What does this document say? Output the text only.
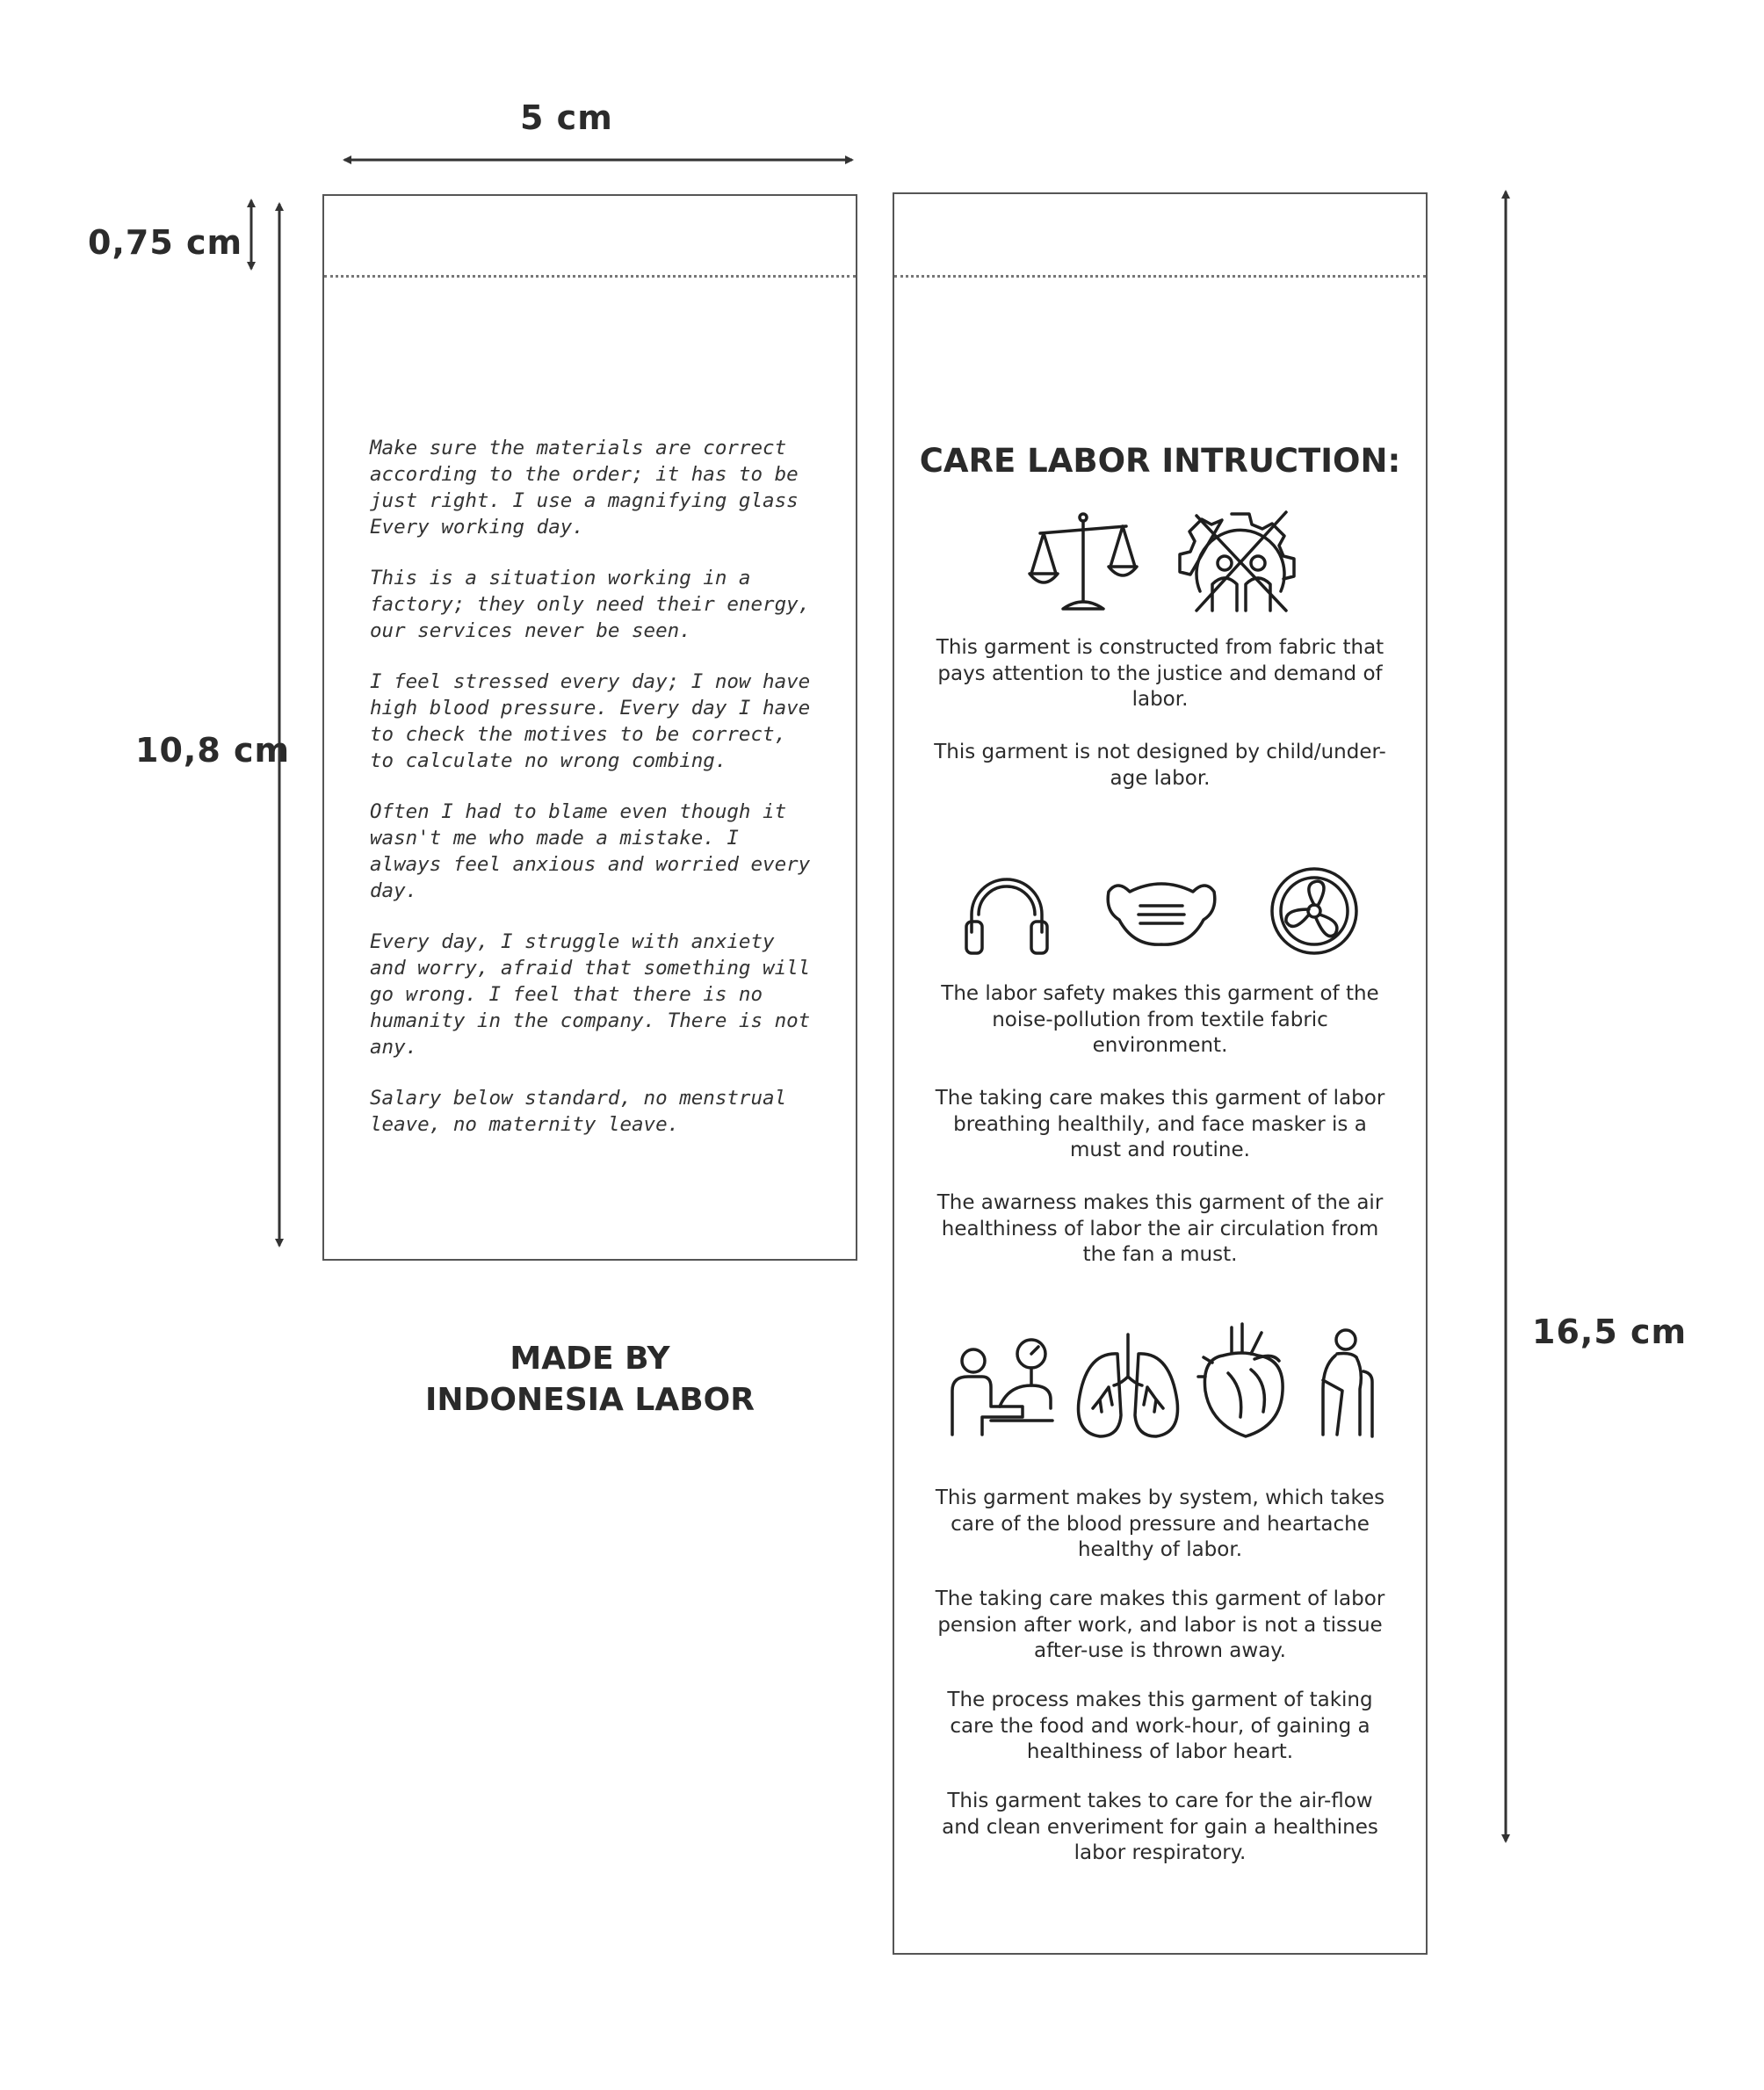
5 cm
0,75 cm
10,8 cm
16,5 cm

Make sure the materials are correct according to the order; it has to be just right. I use a magnifying glass Every working day.

This is a situation working in a factory; they only need their energy, our services never be seen.

I feel stressed every day; I now have high blood pressure. Every day I have to check the motives to be correct, to calculate no wrong combing.

Often I had to blame even though it wasn't me who made a mistake. I always feel anxious and worried every day.

Every day, I struggle with anxiety and worry, afraid that something will go wrong. I feel that there is no humanity in the company. There is not any.

Salary below standard, no menstrual leave, no maternity leave.

MADE BY
INDONESIA LABOR
CARE LABOR INTRUCTION:
This garment is constructed from fabric that pays attention to the justice and demand of labor.
This garment is not designed by child/under-age labor.
The labor safety makes this garment of the noise-pollution from textile fabric environment.
The taking care makes this garment of labor breathing healthily, and face masker is a must and routine.
The awarness makes this garment of the air healthiness of labor the air circulation from the fan a must.
This garment makes by system, which takes care of the blood pressure and heartache healthy of labor.
The taking care makes this garment of labor pension after work, and labor is not a tissue after-use is thrown away.
The process makes this garment of taking care the food and work-hour, of gaining a healthiness of labor heart.
This garment takes to care for the air-flow and clean enveriment for gain a healthines labor respiratory.
